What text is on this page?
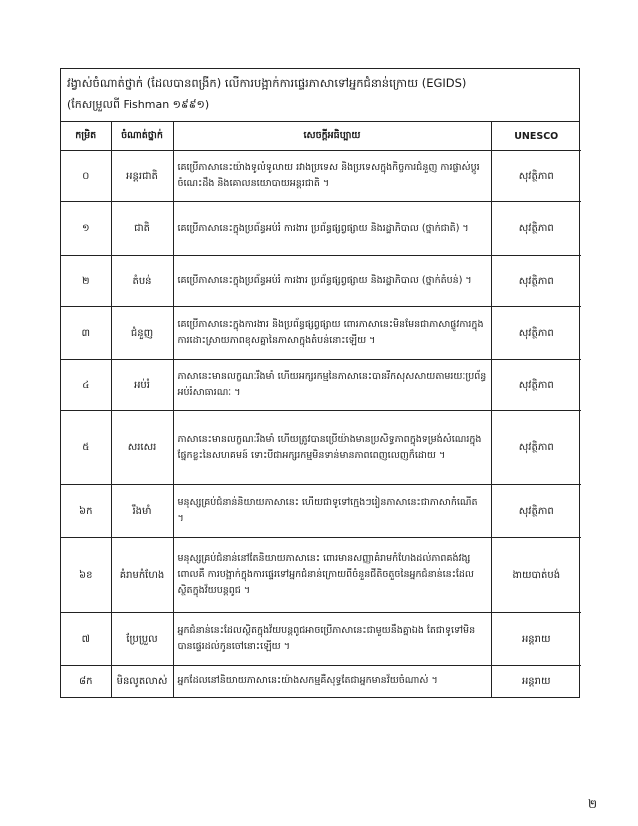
វង្វាស់ចំណាត់ថ្នាក់ (ដែលបានពង្រីក) លើការបង្អាក់ការផ្ទេរភាសាទៅអ្នកជំនាន់ក្រោយ (EGIDS)
(កែសម្រួលពី Fishman ១៩៩១)
កម្រិត	ចំណាត់ថ្នាក់	សេចក្ដីអធិប្បាយ	UNESCO
០	អន្តរជាតិ	គេប្រើភាសានេះយ៉ាងទូលំទូលាយ រវាងប្រទេស និងប្រទេសក្នុងកិច្ចការជំនួញ ការផ្លាស់ប្ដូរចំណេះដឹង និងគោលនយោបាយអន្តរជាតិ ។	សុវត្ថិភាព
១	ជាតិ	គេប្រើភាសានេះក្នុងប្រព័ន្ធអប់រំ ការងារ ប្រព័ន្ធផ្សព្វផ្សាយ និងរដ្ឋាភិបាល (ថ្នាក់ជាតិ) ។	សុវត្ថិភាព
២	តំបន់	គេប្រើភាសានេះក្នុងប្រព័ន្ធអប់រំ ការងារ ប្រព័ន្ធផ្សព្វផ្សាយ និងរដ្ឋាភិបាល (ថ្នាក់តំបន់) ។	សុវត្ថិភាព
៣	ជំនួញ	គេប្រើភាសានេះក្នុងការងារ និងប្រព័ន្ធផ្សព្វផ្សាយ ពោរភាសានេះមិនមែនជាភាសាផ្លូវការក្នុងការដោះស្រាយភាពខុសគ្នានៃភាសាក្នុងតំបន់នោះឡើយ ។	សុវត្ថិភាព
៤	អប់រំ	ភាសានេះមានលក្ខណៈរឹងមាំ ហើយអក្សរកម្មនៃភាសានេះបានរីកសុសសាយតាមរយៈប្រព័ន្ធអប់រំសាធារណៈ ។	សុវត្ថិភាព
៥	សរសេរ	ភាសានេះមានលក្ខណៈរឹងមាំ ហើយត្រូវបានប្រើយ៉ាងមានប្រសិទ្ធភាពក្នុងទម្រង់សំណេរក្នុងផ្នែកខ្លះនៃសហគមន៍ ទោះបីជាអក្សរកម្មមិនទាន់មានភាពពេញលេញក៏ដោយ ។	សុវត្ថិភាព
៦ក	រឹងមាំ	មនុស្សគ្រប់ជំនាន់និយាយភាសានេះ ហើយជាទូទៅក្មេងៗរៀនភាសានេះជាភាសាកំណើត ។	សុវត្ថិភាព
៦ខ	គំរាមកំហែង	មនុស្សគ្រប់ជំនាន់នៅតែនិយាយភាសានេះ ពោរមានសញ្ញាគំរាមកំហែងដល់ភាពគង់វង្ស ពោលគឺ ការបង្អាក់ក្នុងការផ្ទេរទៅអ្នកជំនាន់ក្រោយពីចំនួនជីតិចតួចនៃអ្នកជំនាន់នេះដែលស្ថិតក្នុងវ័យបន្តពូជ ។	ងាយបាត់បង់
៧	ប្រែប្រួល	អ្នកជំនាន់នេះដែលស្ថិតក្នុងវ័យបន្តពូជអាចប្រើភាសានេះជាមួយនឹងគ្នាឯង តែជាទូទៅមិនបានផ្ទេរដល់កូនចៅនោះឡើយ ។	អន្តរាយ
៨ក	មិនលូតលាស់	អ្នកដែលនៅនិយាយភាសានេះយ៉ាងសកម្មគឺសុទ្ធតែជាអ្នកមានវ័យចំណាស់ ។	អន្តរាយ
២
